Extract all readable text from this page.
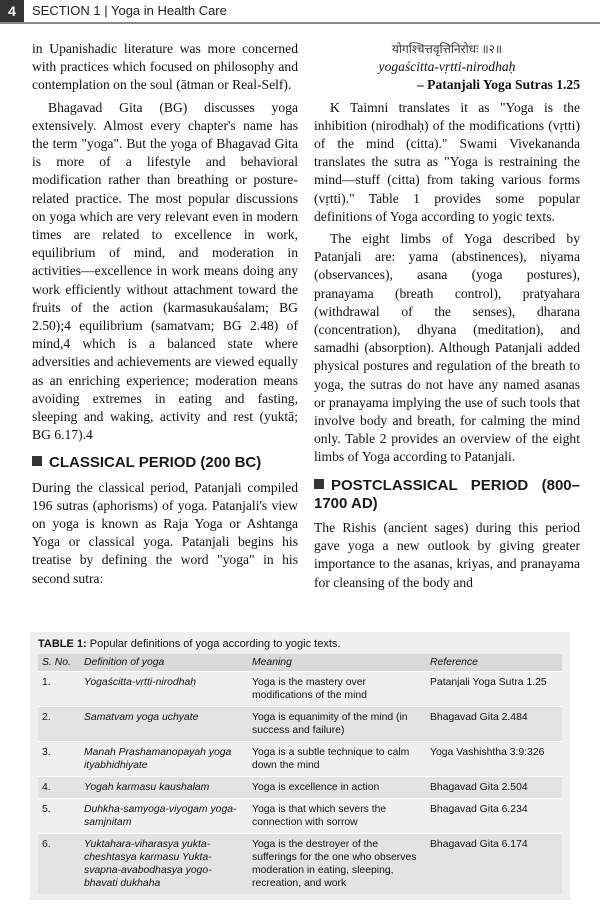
4	SECTION 1 | Yoga in Health Care

in Upanishadic literature was more concerned with practices which focused on philosophy and contemplation on the soul (ātman or Real-Self).

Bhagavad Gita (BG) discusses yoga extensively. Almost every chapter's name has the term "yoga". But the yoga of Bhagavad Gita is more of a lifestyle and behavioral modification rather than breathing or posture-related practice. The most popular discussions on yoga which are very relevant even in modern times are related to excellence in work, equilibrium of mind, and moderation in activities—excellence in work means doing any work efficiently without attachment toward the fruits of the action (karmasukauśalam; BG 2.50);4 equilibrium (samatvam; BG 2.48) of mind,4 which is a balanced state where adversities and achievements are viewed equally as an enriching experience; moderation means avoiding extremes in eating and fasting, sleeping and waking, activity and rest (yuktā; BG 6.17).4

CLASSICAL PERIOD (200 BC)

During the classical period, Patanjali compiled 196 sutras (aphorisms) of yoga. Patanjali's view on yoga is known as Raja Yoga or Ashtanga Yoga or classical yoga. Patanjali begins his treatise by defining the word "yoga" in his second sutra:

योगश्चित्तवृत्तिनिरोधः ॥२॥

yogaścitta-vṛtti-nirodhaḥ

– Patanjali Yoga Sutras 1.25

K Taimni translates it as "Yoga is the inhibition (nirodhaḥ) of the modifications (vṛtti) of the mind (citta)." Swami Vivekananda translates the sutra as "Yoga is restraining the mind—stuff (citta) from taking various forms (vṛtti)." Table 1 provides some popular definitions of Yoga according to yogic texts.

The eight limbs of Yoga described by Patanjali are: yama (abstinences), niyama (observances), asana (yoga postures), pranayama (breath control), pratyahara (withdrawal of the senses), dharana (concentration), dhyana (meditation), and samadhi (absorption). Although Patanjali added physical postures and regulation of the breath to yoga, the sutras do not have any named asanas or pranayama implying the use of such tools that involve body and breath, for calming the mind only. Table 2 provides an overview of the eight limbs of Yoga according to Patanjali.

POSTCLASSICAL PERIOD (800–1700 AD)

The Rishis (ancient sages) during this period gave yoga a new outlook by giving greater importance to the asanas, kriyas, and pranayama for cleansing of the body and

TABLE 1: Popular definitions of yoga according to yogic texts.
S. No.	Definition of yoga	Meaning	Reference
1.	Yogaścitta-vṛtti-nirodhaḥ	Yoga is the mastery over modifications of the mind	Patanjali Yoga Sutra 1.25
2.	Samatvam yoga uchyate	Yoga is equanimity of the mind (in success and failure)	Bhagavad Gita 2.484
3.	Manah Prashamanopayah yoga ityabhidhiyate	Yoga is a subtle technique to calm down the mind	Yoga Vashishtha 3:9:326
4.	Yogah karmasu kaushalam	Yoga is excellence in action	Bhagavad Gita 2.504
5.	Duhkha-samyoga-viyogam yoga-samjnitam	Yoga is that which severs the connection with sorrow	Bhagavad Gita 6.234
6.	Yuktahara-viharasya yukta-cheshtasya karmasu Yukta-svapna-avabodhasya yogo-bhavati dukhaha	Yoga is the destroyer of the sufferings for the one who observes moderation in eating, sleeping, recreation, and work	Bhagavad Gita 6.174
